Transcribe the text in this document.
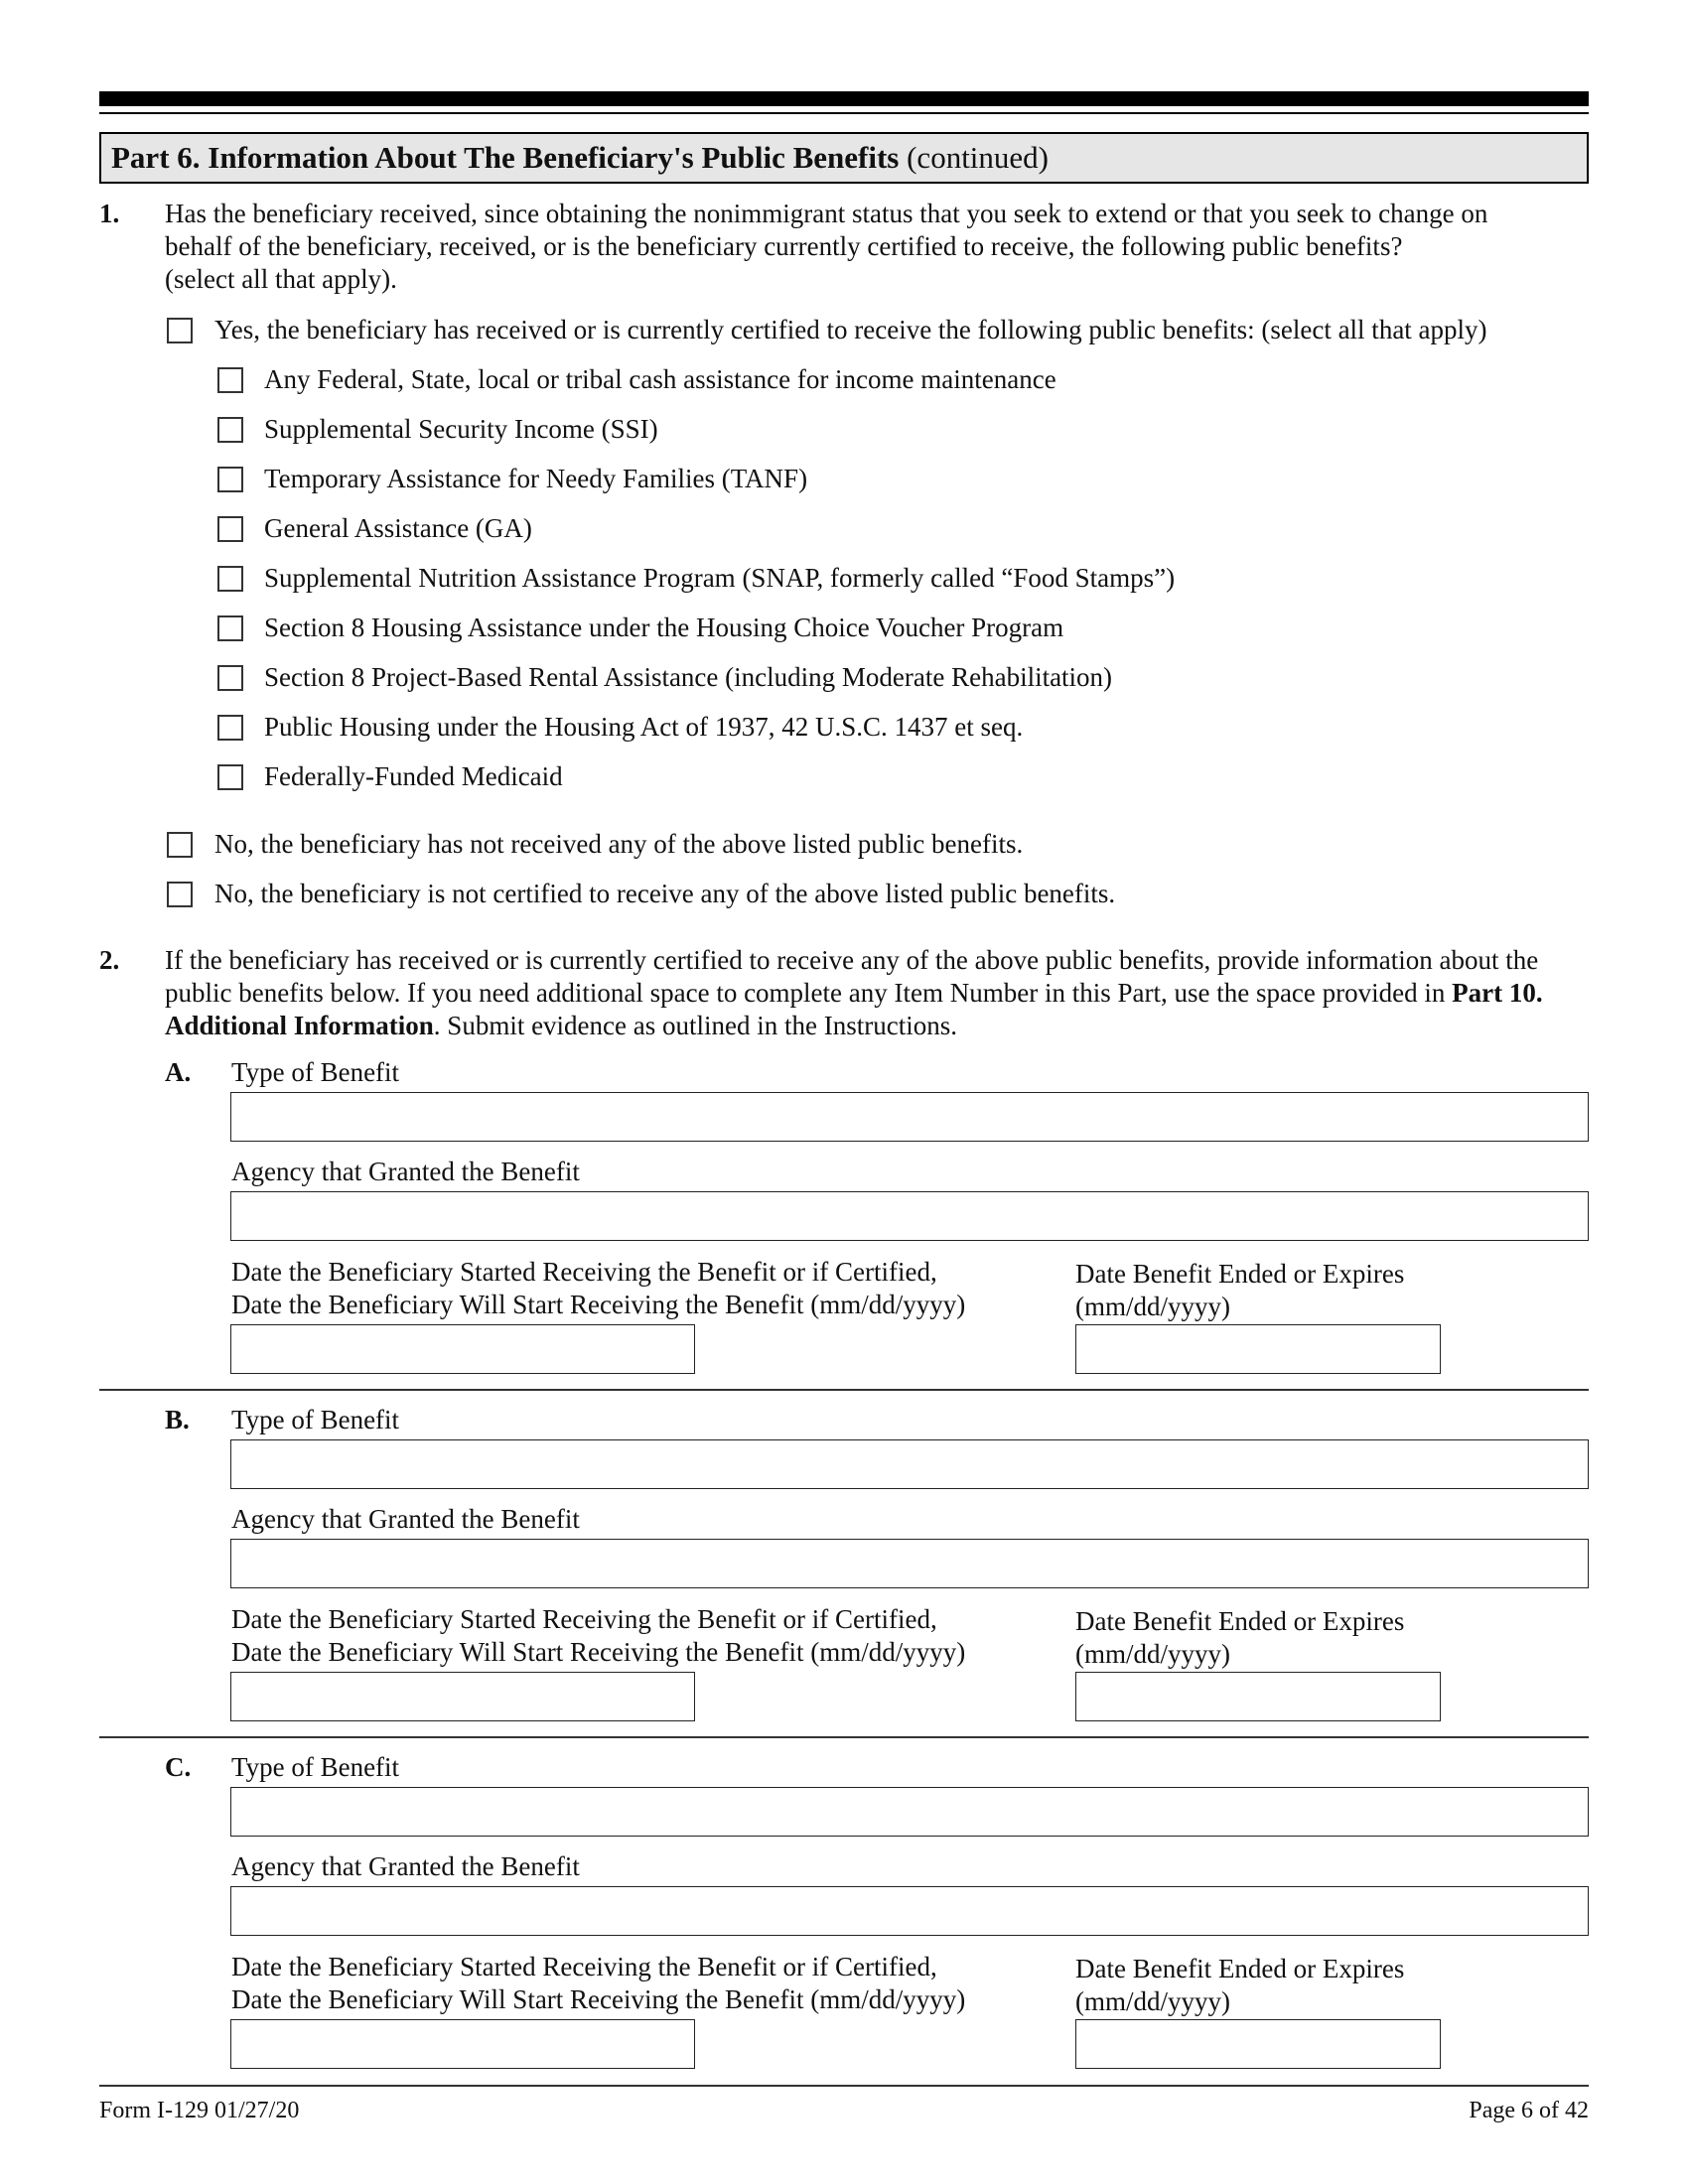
Part 6. Information About The Beneficiary's Public Benefits (continued)
1. Has the beneficiary received, since obtaining the nonimmigrant status that you seek to extend or that you seek to change on
behalf of the beneficiary, received, or is the beneficiary currently certified to receive, the following public benefits?
(select all that apply).
Yes, the beneficiary has received or is currently certified to receive the following public benefits: (select all that apply)
Any Federal, State, local or tribal cash assistance for income maintenance
Supplemental Security Income (SSI)
Temporary Assistance for Needy Families (TANF)
General Assistance (GA)
Supplemental Nutrition Assistance Program (SNAP, formerly called “Food Stamps”)
Section 8 Housing Assistance under the Housing Choice Voucher Program
Section 8 Project-Based Rental Assistance (including Moderate Rehabilitation)
Public Housing under the Housing Act of 1937, 42 U.S.C. 1437 et seq.
Federally-Funded Medicaid
No, the beneficiary has not received any of the above listed public benefits.
No, the beneficiary is not certified to receive any of the above listed public benefits.
2. If the beneficiary has received or is currently certified to receive any of the above public benefits, provide information about the
public benefits below. If you need additional space to complete any Item Number in this Part, use the space provided in Part 10.
Additional Information. Submit evidence as outlined in the Instructions.
A. Type of Benefit
Agency that Granted the Benefit
Date the Beneficiary Started Receiving the Benefit or if Certified,
Date the Beneficiary Will Start Receiving the Benefit (mm/dd/yyyy)
Date Benefit Ended or Expires
(mm/dd/yyyy)
B. Type of Benefit
Agency that Granted the Benefit
Date the Beneficiary Started Receiving the Benefit or if Certified,
Date the Beneficiary Will Start Receiving the Benefit (mm/dd/yyyy)
Date Benefit Ended or Expires
(mm/dd/yyyy)
C. Type of Benefit
Agency that Granted the Benefit
Date the Beneficiary Started Receiving the Benefit or if Certified,
Date the Beneficiary Will Start Receiving the Benefit (mm/dd/yyyy)
Date Benefit Ended or Expires
(mm/dd/yyyy)
Form I-129 01/27/20	Page 6 of 42
